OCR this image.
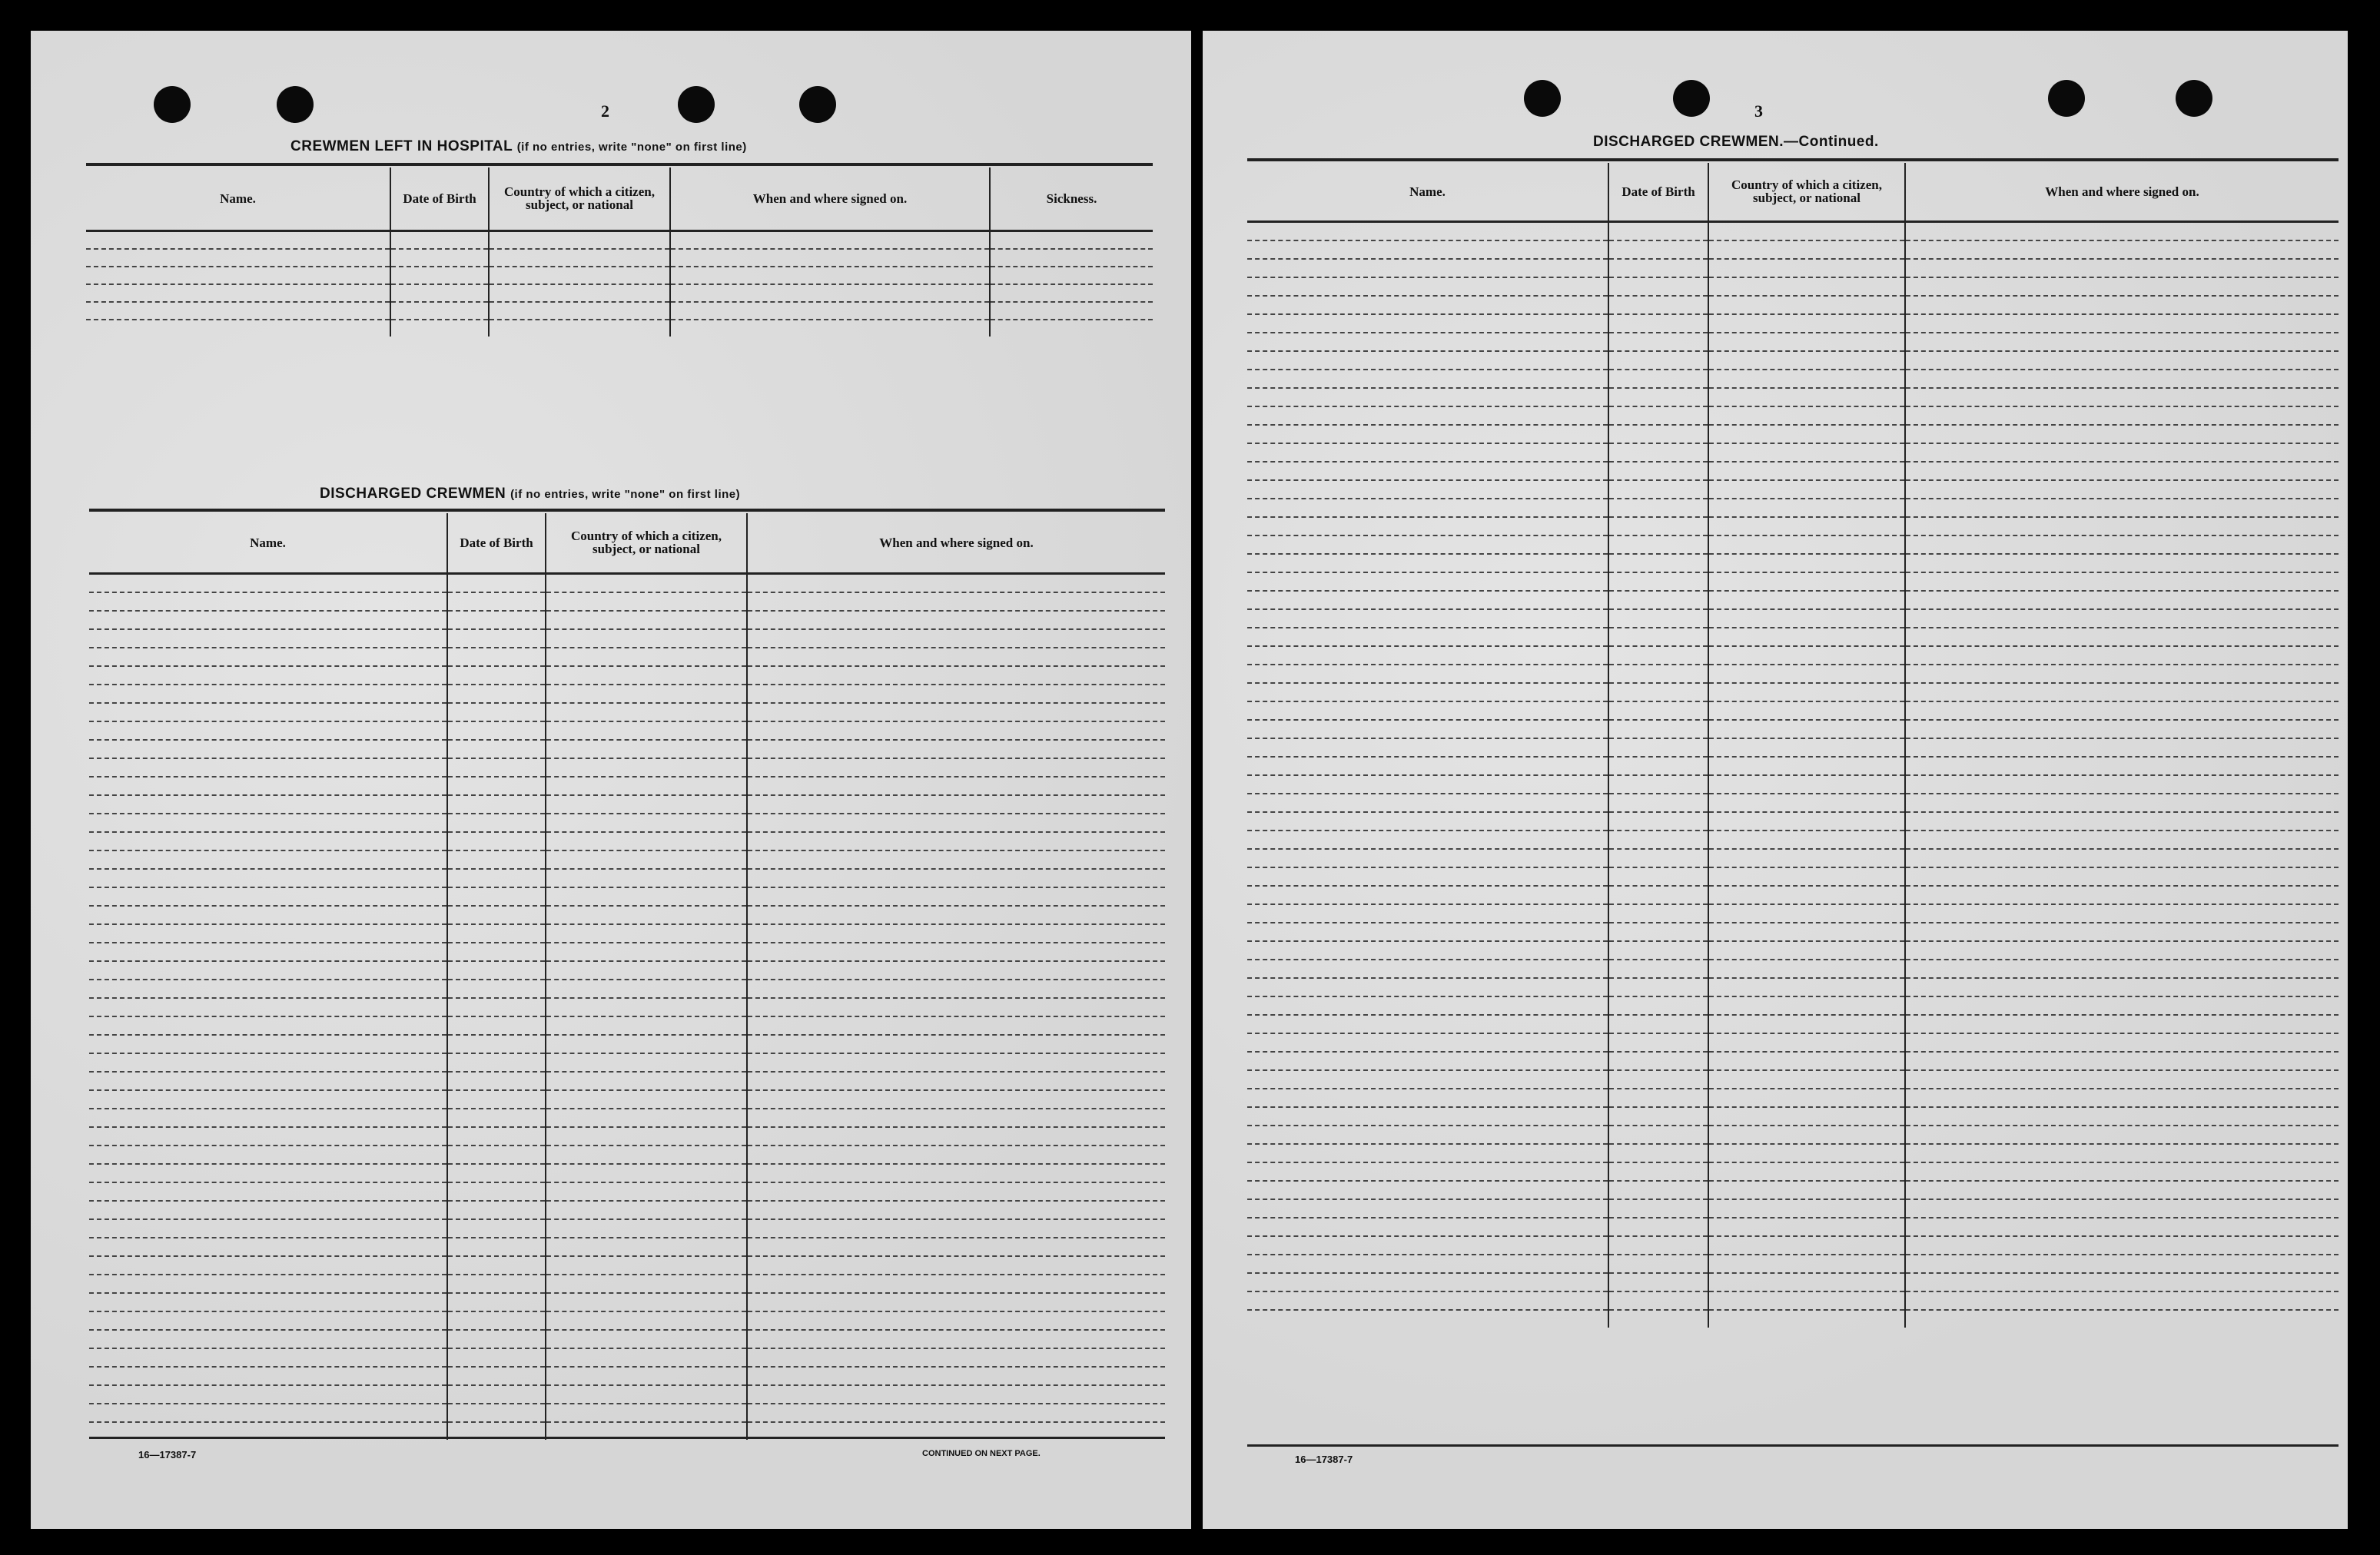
2
CREWMEN LEFT IN HOSPITAL (if no entries, write "none" on first line)
Name.	Date of Birth	Country of which a citizen, subject, or national	When and where signed on.	Sickness.

DISCHARGED CREWMEN (if no entries, write "none" on first line)
Name.	Date of Birth	Country of which a citizen, subject, or national	When and where signed on.

16—17387-7	CONTINUED ON NEXT PAGE.
3
DISCHARGED CREWMEN.—Continued.
Name.	Date of Birth	Country of which a citizen, subject, or national	When and where signed on.

16—17387-7
